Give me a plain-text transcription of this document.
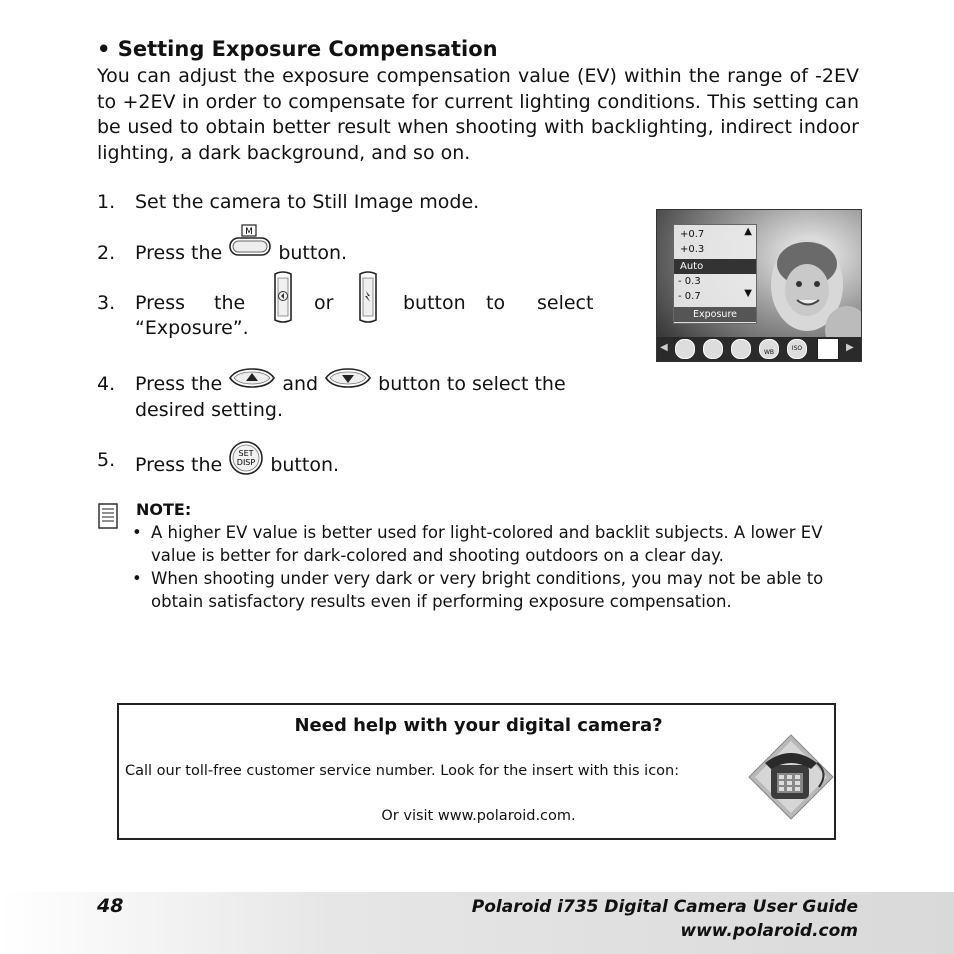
• Setting Exposure Compensation

You can adjust the exposure compensation value (EV) within the range of -2EV to +2EV in order to compensate for current lighting conditions. This setting can be used to obtain better result when shooting with backlighting, indirect indoor lighting, a dark background, and so on.

1. Set the camera to Still Image mode.
2. Press the
M
button.
3. Press the	or	button to select
“Exposure”.
4. Press the	and	button to select the
desired setting.
5. Press the
SET
DISP button.
+0.7
+0.3
Auto
- 0.3
- 0.7
▲
▼
Exposure
◀	WB
ISO	▶
NOTE:
• A higher EV value is better used for light-colored and backlit subjects. A lower EV value is better for dark-colored and shooting outdoors on a clear day.
• When shooting under very dark or very bright conditions, you may not be able to obtain satisfactory results even if performing exposure compensation.
Need help with your digital camera?
Call our toll-free customer service number. Look for the insert with this icon:
Or visit www.polaroid.com.
48	Polaroid i735 Digital Camera User Guide
www.polaroid.com
